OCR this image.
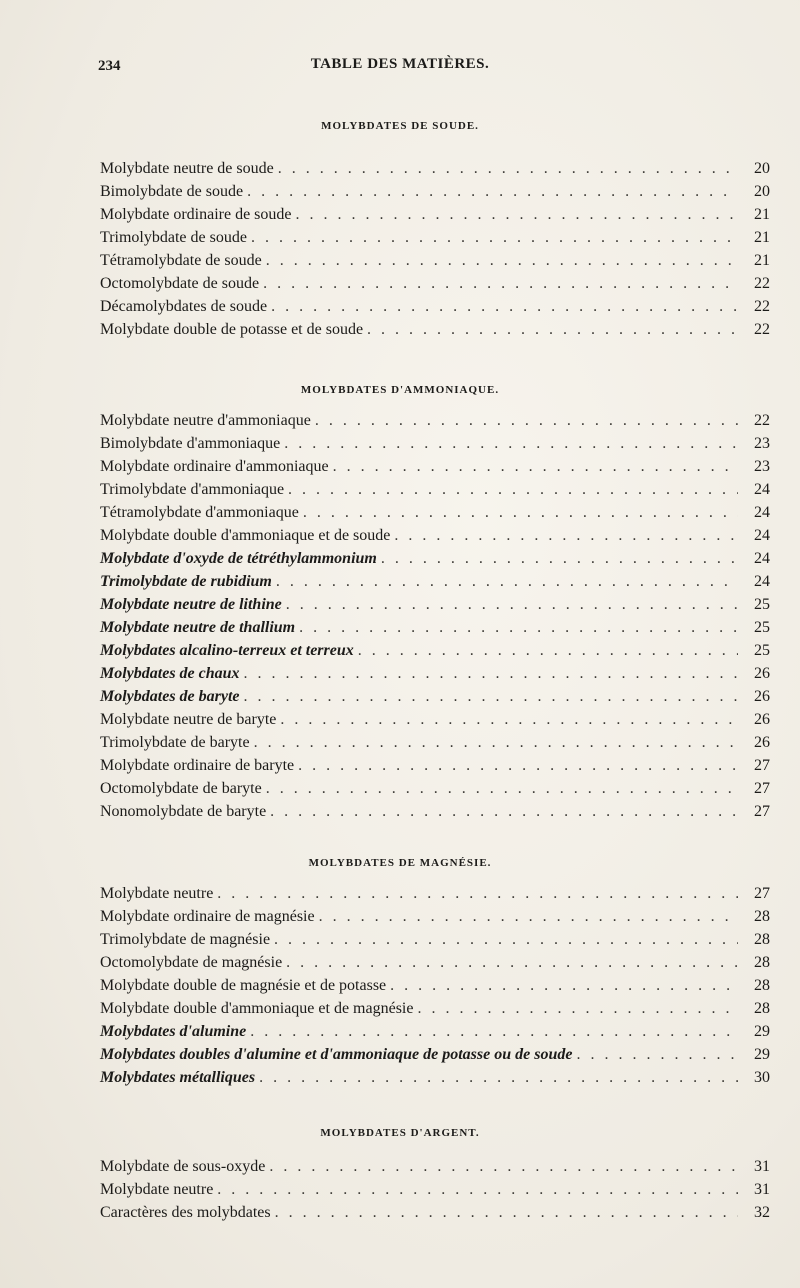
234	TABLE DES MATIÈRES.
MOLYBDATES DE SOUDE.
Molybdate neutre de soude . . .	20
Bimolybdate de soude . . .	20
Molybdate ordinaire de soude . . .	21
Trimolybdate de soude . . .	21
Tétramolybdate de soude . . .	21
Octomolybdate de soude . . .	22
Décamolybdates de soude . . .	22
Molybdate double de potasse et de soude . . .	22
MOLYBDATES D'AMMONIAQUE.
Molybdate neutre d'ammoniaque . . .	22
Bimolybdate d'ammoniaque . . .	23
Molybdate ordinaire d'ammoniaque . . .	23
Trimolybdate d'ammoniaque . . .	24
Tétramolybdate d'ammoniaque . . .	24
Molybdate double d'ammoniaque et de soude . . .	24
Molybdate d'oxyde de tétréthylammonium . . .	24
Trimolybdate de rubidium . . .	24
Molybdate neutre de lithine . . .	25
Molybdate neutre de thallium . . .	25
Molybdates alcalino-terreux et terreux . . .	25
Molybdates de chaux . . .	26
Molybdates de baryte . . .	26
Molybdate neutre de baryte . . .	26
Trimolybdate de baryte . . .	26
Molybdate ordinaire de baryte . . .	27
Octomolybdate de baryte . . .	27
Nonomolybdate de baryte . . .	27
MOLYBDATES DE MAGNÉSIE.
Molybdate neutre . . .	27
Molybdate ordinaire de magnésie . . .	28
Trimolybdate de magnésie . . .	28
Octomolybdate de magnésie . . .	28
Molybdate double de magnésie et de potasse . . .	28
Molybdate double d'ammoniaque et de magnésie . . .	28
Molybdates d'alumine . . .	29
Molybdates doubles d'alumine et d'ammoniaque de potasse ou de soude . . .	29
Molybdates métalliques . . .	30
MOLYBDATES D'ARGENT.
Molybdate de sous-oxyde . . .	31
Molybdate neutre . . .	31
Caractères des molybdates . . .	32
